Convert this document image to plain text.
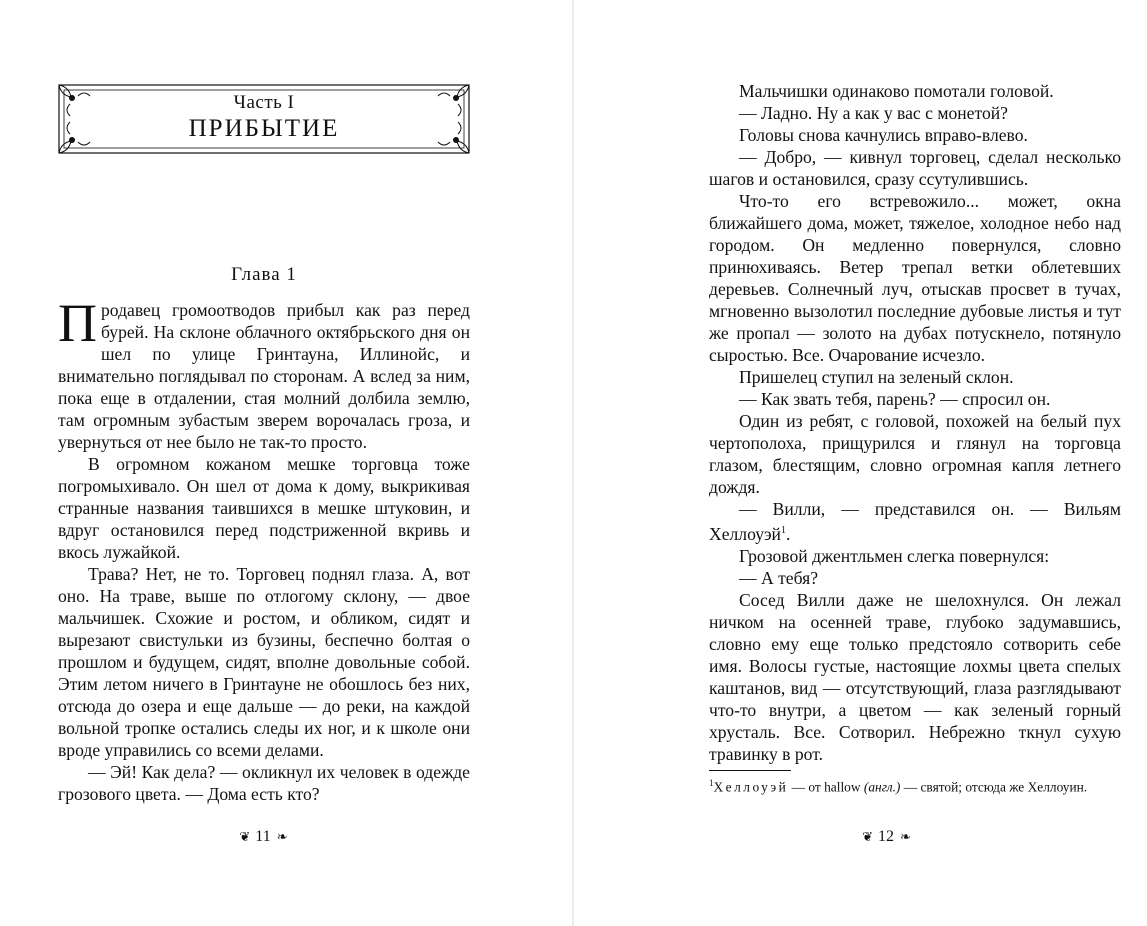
Часть I
ПРИБЫТИЕ
Глава 1

Продавец громоотводов прибыл как раз перед бурей. На склоне облачного октябрьского дня он шел по улице Гринтауна, Иллинойс, и внимательно поглядывал по сторонам. А вслед за ним, пока еще в отдалении, стая молний долбила землю, там огромным зубастым зверем ворочалась гроза, и увернуться от нее было не так-то просто.

В огромном кожаном мешке торговца тоже погромыхивало. Он шел от дома к дому, выкрикивая странные названия таившихся в мешке штуковин, и вдруг остановился перед подстриженной вкривь и вкось лужайкой.

Трава? Нет, не то. Торговец поднял глаза. А, вот оно. На траве, выше по отлогому склону, — двое мальчишек. Схожие и ростом, и обликом, сидят и вырезают свистульки из бузины, беспечно болтая о прошлом и будущем, сидят, вполне довольные собой. Этим летом ничего в Гринтауне не обошлось без них, отсюда до озера и еще дальше — до реки, на каждой вольной тропке остались следы их ног, и к школе они вроде управились со всеми делами.

— Эй! Как дела? — окликнул их человек в одежде грозового цвета. — Дома есть кто?

❦ 11 ❧

Мальчишки одинаково помотали головой.

— Ладно. Ну а как у вас с монетой?

Головы снова качнулись вправо-влево.

— Добро, — кивнул торговец, сделал несколько шагов и остановился, сразу ссутулившись.

Что-то его встревожило... может, окна ближайшего дома, может, тяжелое, холодное небо над городом. Он медленно повернулся, словно принюхиваясь. Ветер трепал ветки облетевших деревьев. Солнечный луч, отыскав просвет в тучах, мгновенно вызолотил последние дубовые листья и тут же пропал — золото на дубах потускнело, потянуло сыростью. Все. Очарование исчезло.

Пришелец ступил на зеленый склон.

— Как звать тебя, парень? — спросил он.

Один из ребят, с головой, похожей на белый пух чертополоха, прищурился и глянул на торговца глазом, блестящим, словно огромная капля летнего дождя.

— Вилли, — представился он. — Вильям Хеллоуэй$^1$.

Грозовой джентльмен слегка повернулся:

— А тебя?

Сосед Вилли даже не шелохнулся. Он лежал ничком на осенней траве, глубоко задумавшись, словно ему еще только предстояло сотворить себе имя. Волосы густые, настоящие лохмы цвета спелых каштанов, вид — отсутствующий, глаза разглядывают что-то внутри, а цветом — как зеленый горный хрусталь. Все. Сотворил. Небрежно ткнул сухую травинку в рот.

$^1$Хеллоуэй — от hallow (англ.) — святой; отсюда же Хеллоуин.
❦ 12 ❧
